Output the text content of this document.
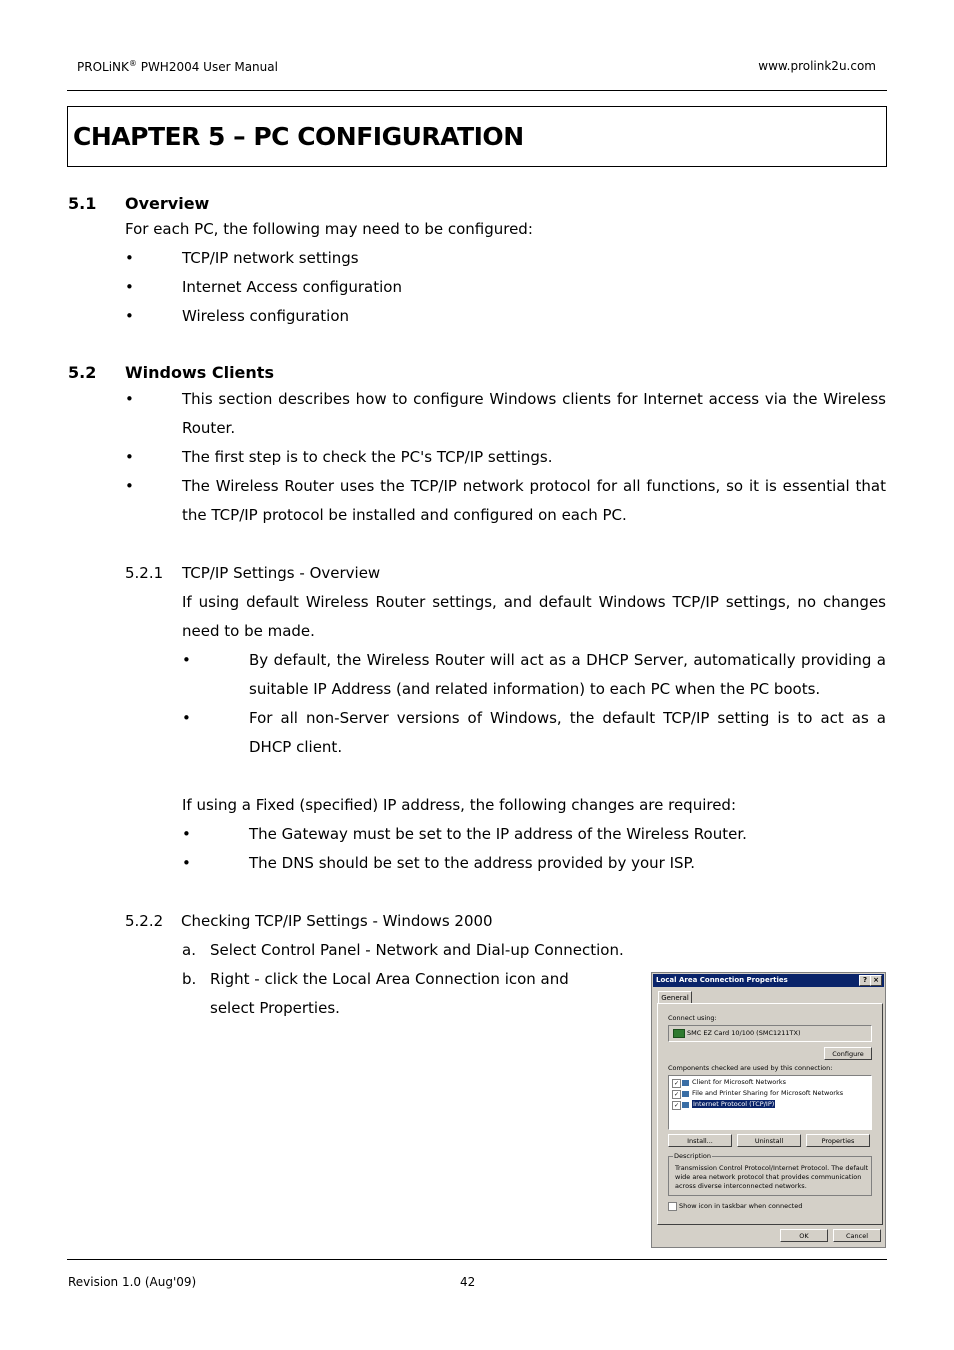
PROLiNK® PWH2004 User Manual	www.prolink2u.com
CHAPTER 5 – PC CONFIGURATION
5.1 Overview
For each PC, the following may need to be configured:
•	TCP/IP network settings
•	Internet Access configuration
•	Wireless configuration
5.2 Windows Clients
•	This section describes how to configure Windows clients for Internet access via the Wireless Router.
•	The first step is to check the PC's TCP/IP settings.
•	The Wireless Router uses the TCP/IP network protocol for all functions, so it is essential that the TCP/IP protocol be installed and configured on each PC.
5.2.1 TCP/IP Settings - Overview
If using default Wireless Router settings, and default Windows TCP/IP settings, no changes need to be made.
•	By default, the Wireless Router will act as a DHCP Server, automatically providing a suitable IP Address (and related information) to each PC when the PC boots.
•	For all non-Server versions of Windows, the default TCP/IP setting is to act as a DHCP client.
If using a Fixed (specified) IP address, the following changes are required:
•	The Gateway must be set to the IP address of the Wireless Router.
•	The DNS should be set to the address provided by your ISP.
5.2.2 Checking TCP/IP Settings - Windows 2000
a. Select Control Panel - Network and Dial-up Connection.
b. Right - click the Local Area Connection icon and
select Properties.
Local Area Connection Properties	? ×
General
Connect using:
SMC EZ Card 10/100 (SMC1211TX)
Configure
Components checked are used by this connection:
✓	Client for Microsoft Networks
✓	File and Printer Sharing for Microsoft Networks
✓	Internet Protocol (TCP/IP)
Install...	Uninstall	Properties
Description
Transmission Control Protocol/Internet Protocol. The default
wide area network protocol that provides communication
across diverse interconnected networks.
Show icon in taskbar when connected
OK	Cancel
Revision 1.0 (Aug'09)	42
